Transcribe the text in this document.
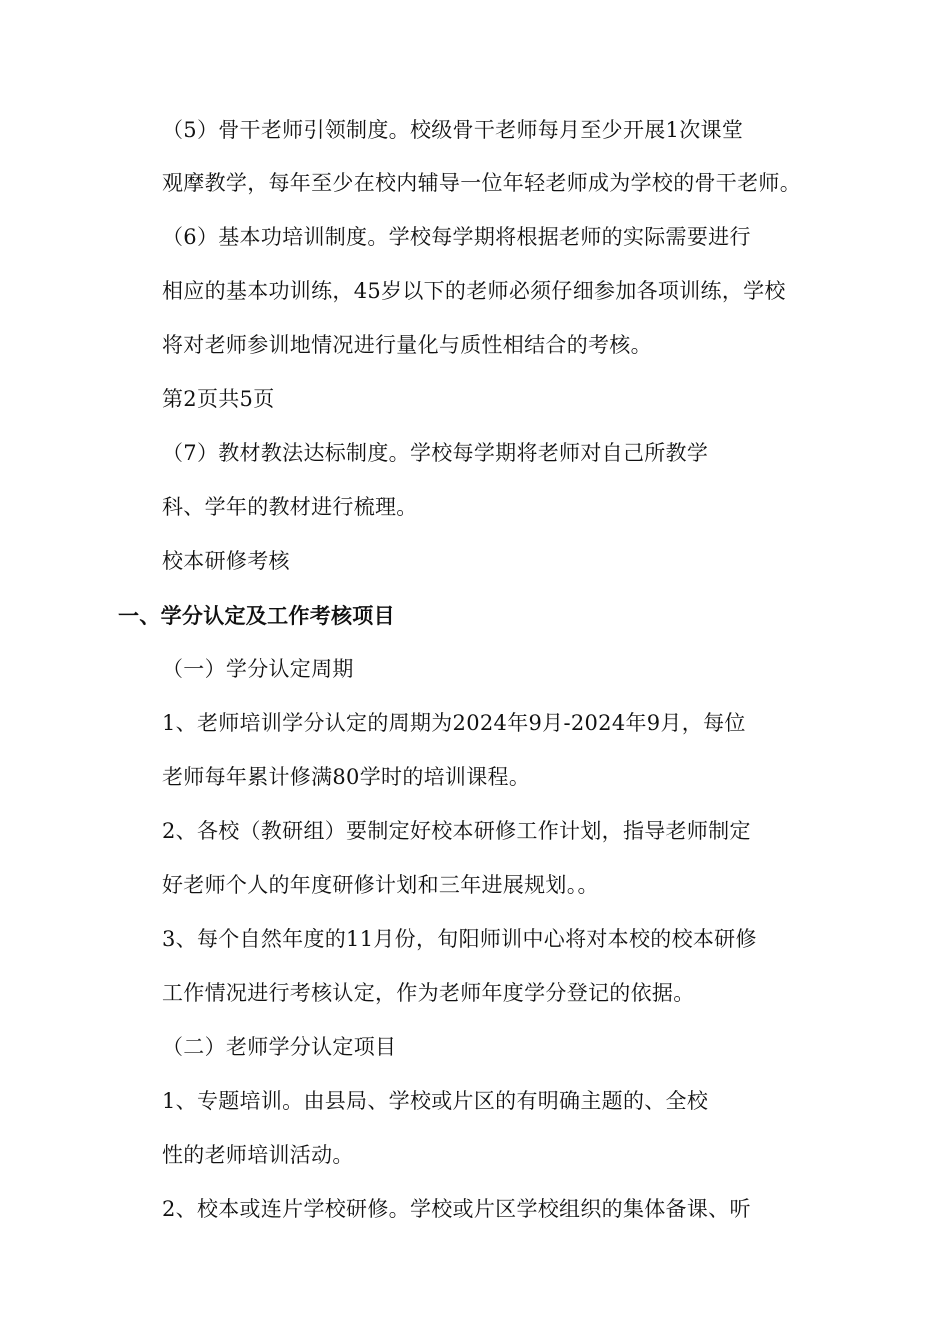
（5）骨干老师引领制度。校级骨干老师每月至少开展1次课堂
观摩教学，每年至少在校内辅导一位年轻老师成为学校的骨干老师。
（6）基本功培训制度。学校每学期将根据老师的实际需要进行
相应的基本功训练，45岁以下的老师必须仔细参加各项训练，学校
将对老师参训地情况进行量化与质性相结合的考核。
第2页共5页
（7）教材教法达标制度。学校每学期将老师对自己所教学
科、学年的教材进行梳理。
校本研修考核
一、学分认定及工作考核项目
（一）学分认定周期
1、老师培训学分认定的周期为2024年9月-2024年9月，每位
老师每年累计修满80学时的培训课程。
2、各校（教研组）要制定好校本研修工作计划，指导老师制定
好老师个人的年度研修计划和三年进展规划。。
3、每个自然年度的11月份，旬阳师训中心将对本校的校本研修
工作情况进行考核认定，作为老师年度学分登记的依据。
（二）老师学分认定项目
1、专题培训。由县局、学校或片区的有明确主题的、全校
性的老师培训活动。
2、校本或连片学校研修。学校或片区学校组织的集体备课、听
